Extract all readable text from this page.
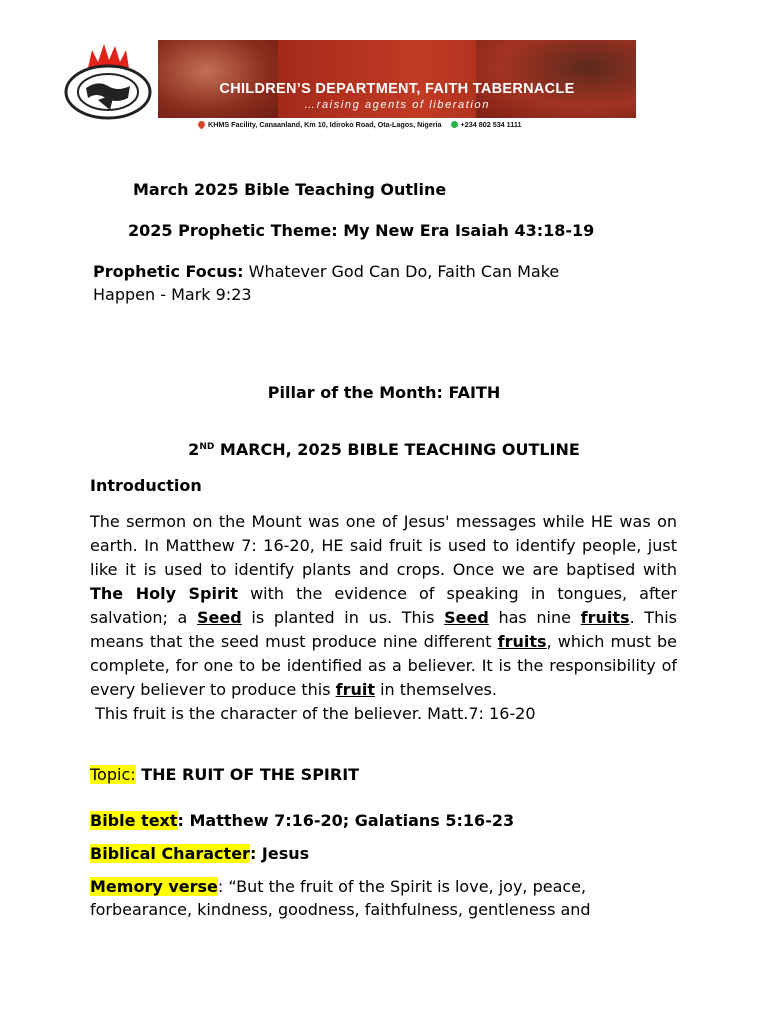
CHILDREN’S DEPARTMENT, FAITH TABERNACLE
…raising agents of liberation
KHMS Facility, Canaanland, Km 10, Idiroko Road, Ota-Lagos, Nigeria	+234 802 534 1111
March 2025 Bible Teaching Outline
2025 Prophetic Theme: My New Era Isaiah 43:18-19
Prophetic Focus: Whatever God Can Do, Faith Can Make
Happen - Mark 9:23
Pillar of the Month: FAITH
2ND MARCH, 2025 BIBLE TEACHING OUTLINE
Introduction

The sermon on the Mount was one of Jesus' messages while HE was on earth. In Matthew 7: 16-20, HE said fruit is used to identify people, just like it is used to identify plants and crops. Once we are baptised with The Holy Spirit with the evidence of speaking in tongues, after salvation; a Seed is planted in us. This Seed has nine fruits. This means that the seed must produce nine different fruits, which must be complete, for one to be identified as a believer. It is the responsibility of every believer to produce this fruit in themselves.

This fruit is the character of the believer. Matt.7: 16-20

Topic: THE RUIT OF THE SPIRIT
Bible text: Matthew 7:16-20; Galatians 5:16-23
Biblical Character: Jesus
Memory verse: “But the fruit of the Spirit is love, joy, peace,
forbearance, kindness, goodness, faithfulness, gentleness and
